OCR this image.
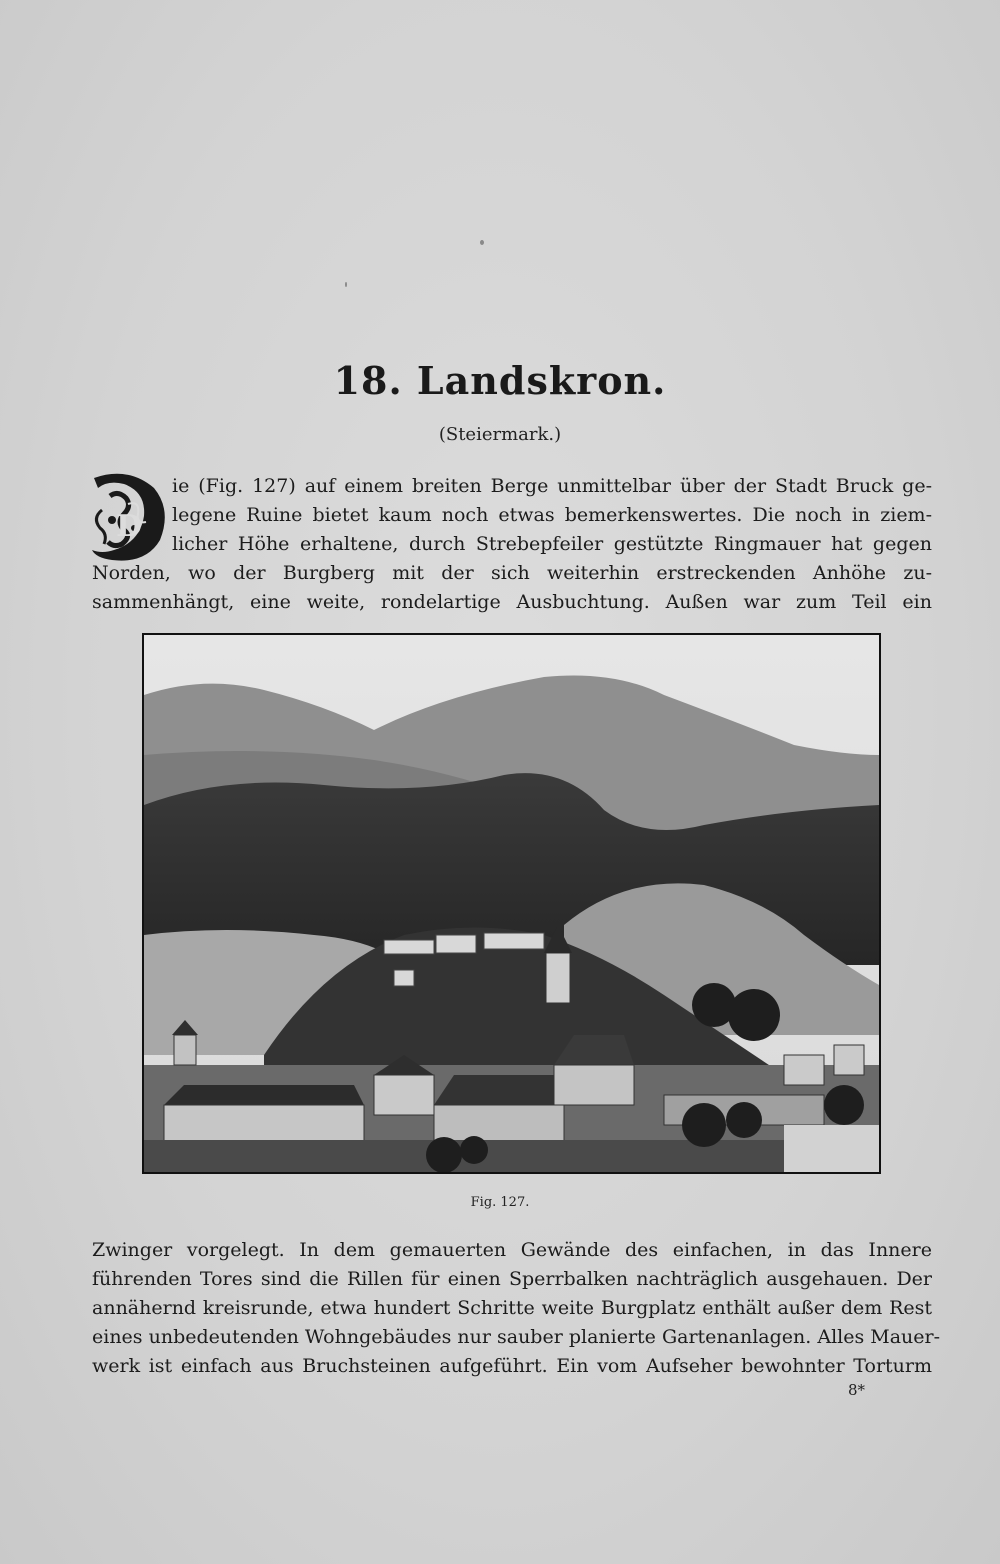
18. Landskron.
(Steiermark.)
D
ie (Fig. 127) auf einem breiten Berge unmittelbar über der Stadt Bruck ge-
legene Ruine bietet kaum noch etwas bemerkenswertes. Die noch in ziem-
licher Höhe erhaltene, durch Strebepfeiler gestützte Ringmauer hat gegen
Norden, wo der Burgberg mit der sich weiterhin erstreckenden Anhöhe zu-
sammenhängt, eine weite, rondelartige Ausbuchtung. Außen war zum Teil ein
Fig. 127.
Zwinger vorgelegt. In dem gemauerten Gewände des einfachen, in das Innere
führenden Tores sind die Rillen für einen Sperrbalken nachträglich ausgehauen. Der
annähernd kreisrunde, etwa hundert Schritte weite Burgplatz enthält außer dem Rest
eines unbedeutenden Wohngebäudes nur sauber planierte Gartenanlagen. Alles Mauer-
werk ist einfach aus Bruchsteinen aufgeführt. Ein vom Aufseher bewohnter Torturm
8*
